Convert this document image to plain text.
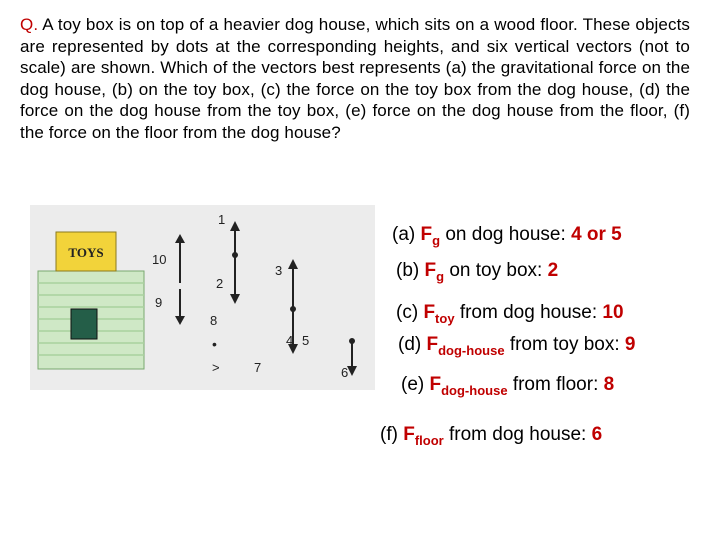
Q. A toy box is on top of a heavier dog house, which sits on a wood floor. These objects are represented by dots at the corresponding heights, and six vertical vectors (not to scale) are shown. Which of the vectors best represents (a) the gravitational force on the dog house, (b) on the toy box, (c) the force on the toy box from the dog house, (d) the force on the dog house from the toy box, (e) force on the dog house from the floor, (f) the force on the floor from the dog house?
TOYS	10
9
1
2
3
4 5
6
8
•
>	7
(a) $F_g$ on dog house: 4 or 5
(b) $F_g$ on toy box: 2
(c) $F_{toy}$ from dog house: 10
(d) $F_{dog-house}$ from toy box: 9
(e) $F_{dog-house}$ from floor: 8
(f) $F_{floor}$ from dog house: 6
